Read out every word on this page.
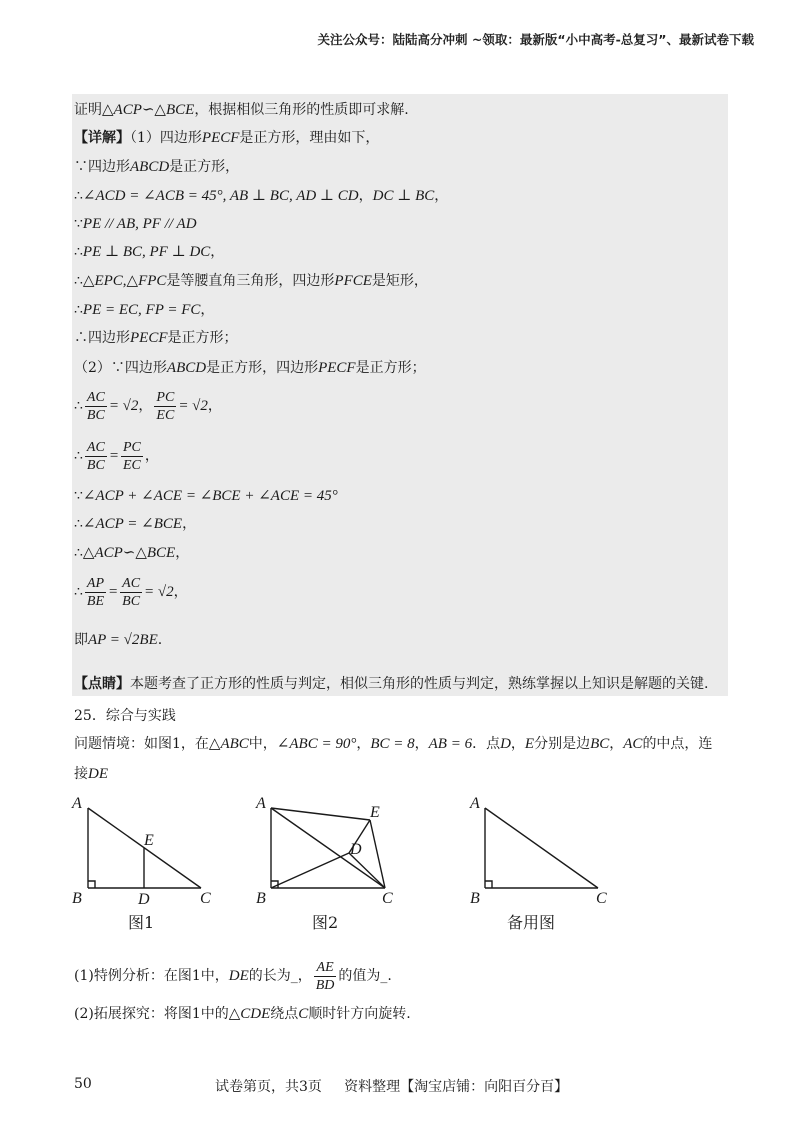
关注公众号：陆陆高分冲刺 ~领取：最新版“小中高考-总复习”、最新试卷下载
证明△ACP∽△BCE，根据相似三角形的性质即可求解.
【详解】（1）四边形PECF是正方形，理由如下，
∵四边形ABCD是正方形，
∴∠ACD = ∠ACB = 45°, AB ⊥ BC, AD ⊥ CD，DC ⊥ BC，
∵PE // AB, PF // AD
∴PE ⊥ BC, PF ⊥ DC，
∴△EPC,△FPC是等腰直角三角形，四边形PFCE是矩形，
∴PE = EC, FP = FC，
∴四边形PECF是正方形；
（2）∵四边形ABCD是正方形，四边形PECF是正方形；
∴ $\frac{AC}{BC} = √2$， $\frac{PC}{EC} = √2$，
∴ $\frac{AC}{BC} = \frac{PC}{EC}$ ，
∵∠ACP + ∠ACE = ∠BCE + ∠ACE = 45°
∴∠ACP = ∠BCE，
∴△ACP∽△BCE，
∴ $\frac{AP}{BE} = \frac{AC}{BC} = √2$，
即AP = √2BE.
【点睛】本题考查了正方形的性质与判定，相似三角形的性质与判定，熟练掌握以上知识是解题的关键.
25．综合与实践
问题情境：如图1，在△ABC中，∠ABC = 90°，BC = 8，AB = 6．点D，E分别是边BC，AC的中点，连
接DE
A
B	C
D
E
图1
A
B	C
D
E
图2
A
B	C
备用图
(1)特例分析：在图1中，DE的长为_， $\frac{AE}{BD}$ 的值为_.
(2)拓展探究：将图1中的△CDE绕点C顺时针方向旋转.
50	试卷第页，共3页     资料整理【淘宝店铺：向阳百分百】
